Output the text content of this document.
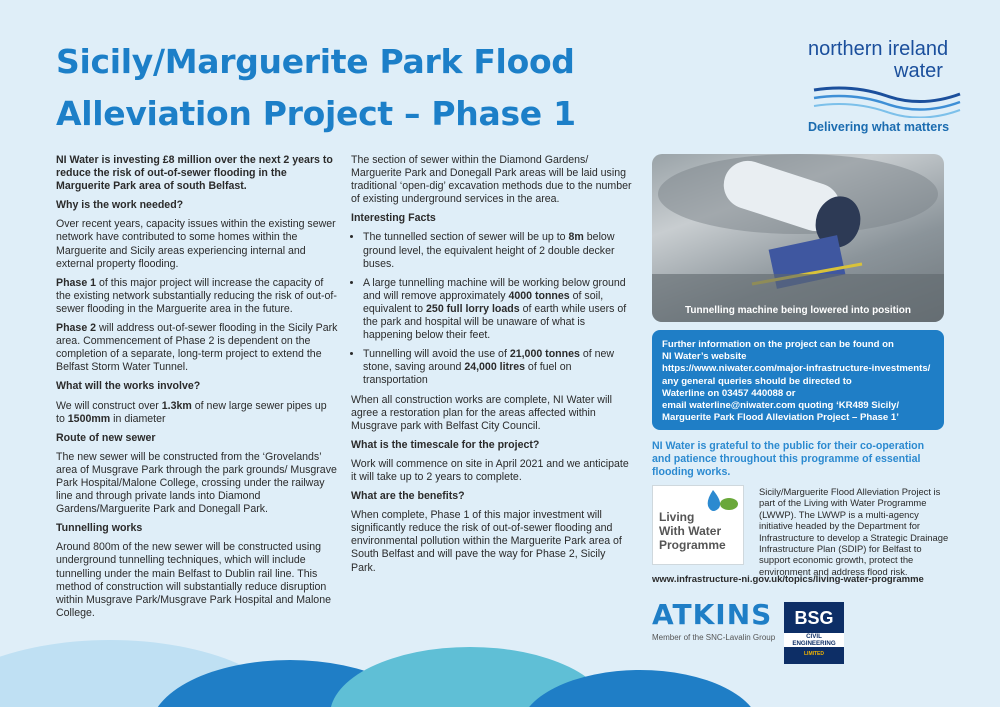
Sicily/Marguerite Park Flood
Alleviation Project – Phase 1
northern ireland
water
Delivering what matters

NI Water is investing £8 million over the next 2 years to reduce the risk of out-of-sewer flooding in the Marguerite Park area of south Belfast.

Why is the work needed?

Over recent years, capacity issues within the existing sewer network have contributed to some homes within the Marguerite and Sicily areas experiencing internal and external property flooding.

Phase 1 of this major project will increase the capacity of the existing network substantially reducing the risk of out-of-sewer flooding in the Marguerite area in the future.

Phase 2 will address out-of-sewer flooding in the Sicily Park area. Commencement of Phase 2 is dependent on the completion of a separate, long-term project to extend the Belfast Storm Water Tunnel.

What will the works involve?

We will construct over 1.3km of new large sewer pipes up to 1500mm in diameter

Route of new sewer

The new sewer will be constructed from the ‘Grovelands’ area of Musgrave Park through the park grounds/ Musgrave Park Hospital/Malone College, crossing under the railway line and through private lands into Diamond Gardens/Marguerite Park and Donegall Park.

Tunnelling works

Around 800m of the new sewer will be constructed using underground tunnelling techniques, which will include tunnelling under the main Belfast to Dublin rail line. This method of construction will substantially reduce disruption within Musgrave Park/Musgrave Park Hospital and Malone College.

The section of sewer within the Diamond Gardens/ Marguerite Park and Donegall Park areas will be laid using traditional ‘open-dig’ excavation methods due to the number of existing underground services in the area.

Interesting Facts
• The tunnelled section of sewer will be up to 8m below ground level, the equivalent height of 2 double decker buses.
• A large tunnelling machine will be working below ground and will remove approximately 4000 tonnes of soil, equivalent to 250 full lorry loads of earth while users of the park and hospital will be unaware of what is happening below their feet.
• Tunnelling will avoid the use of 21,000 tonnes of new stone, saving around 24,000 litres of fuel on transportation

When all construction works are complete, NI Water will agree a restoration plan for the areas affected within Musgrave park with Belfast City Council.

What is the timescale for the project?

Work will commence on site in April 2021 and we anticipate it will take up to 2 years to complete.

What are the benefits?

When complete, Phase 1 of this major investment will significantly reduce the risk of out-of-sewer flooding and environmental pollution within the Marguerite Park area of South Belfast and will pave the way for Phase 2, Sicily Park.

Tunnelling machine being lowered into position
Further information on the project can be found on
NI Water’s website
https://www.niwater.com/major-infrastructure-investments/
any general queries should be directed to
Waterline on 03457 440088 or
email waterline@niwater.com quoting ‘KR489 Sicily/
Marguerite Park Flood Alleviation Project – Phase 1’
NI Water is grateful to the public for their co-operation and patience throughout this programme of essential flooding works.
Living
With Water
Programme
Sicily/Marguerite Flood Alleviation Project is part of the Living with Water Programme (LWWP). The LWWP is a multi-agency initiative headed by the Department for Infrastructure to develop a Strategic Drainage Infrastructure Plan (SDIP) for Belfast to support economic growth, protect the environment and address flood risk.
www.infrastructure-ni.gov.uk/topics/living-water-programme
ATKINS
Member of the SNC-Lavalin Group
BSG
CIVIL ENGINEERING
LIMITED
